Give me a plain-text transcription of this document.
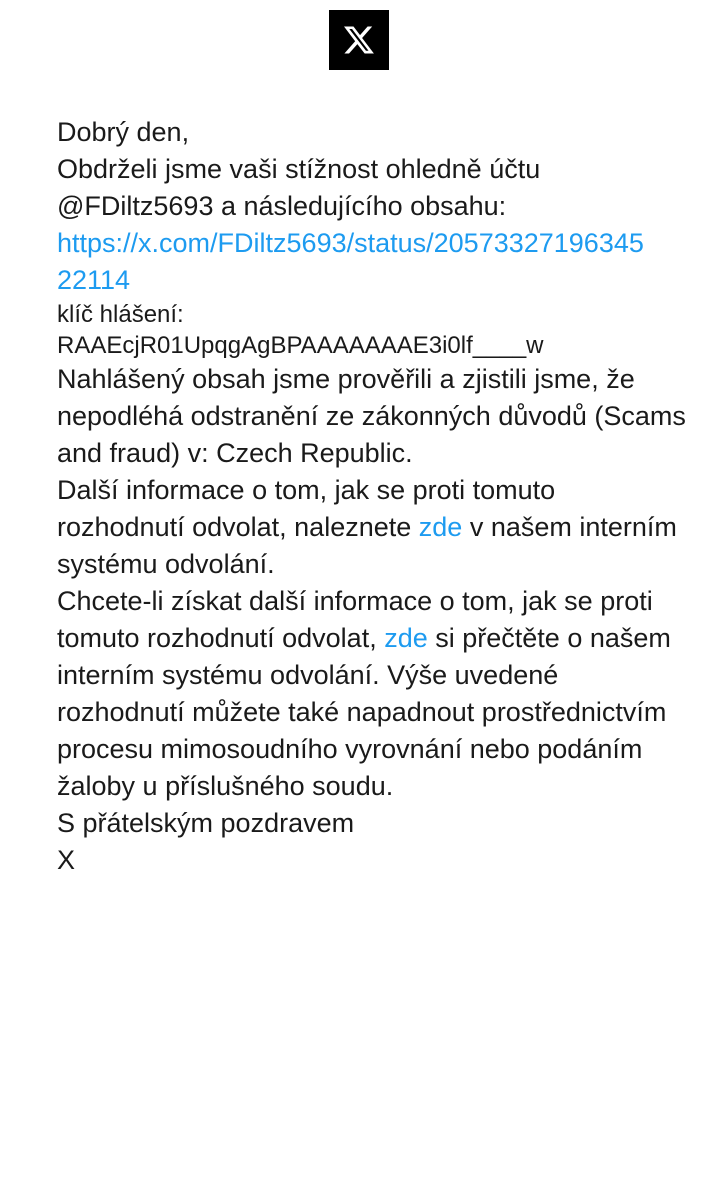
Dobrý den,

Obdrželi jsme vaši stížnost ohledně účtu
@FDiltz5693 a následujícího obsahu:

https://x.com/FDiltz5693/status/2057332719634522114

klíč hlášení:
RAAEcjR01UpqgAgBPAAAAAAAE3i0lf____w

Nahlášený obsah jsme prověřili a zjistili jsme, že nepodléhá odstranění ze zákonných důvodů (Scams and fraud) v: Czech Republic.

Další informace o tom, jak se proti tomuto rozhodnutí odvolat, naleznete zde v našem interním systému odvolání.

Chcete-li získat další informace o tom, jak se proti tomuto rozhodnutí odvolat, zde si přečtěte o našem interním systému odvolání. Výše uvedené rozhodnutí můžete také napadnout prostřednictvím procesu mimosoudního vyrovnání nebo podáním žaloby u příslušného soudu.

S přátelským pozdravem
X
